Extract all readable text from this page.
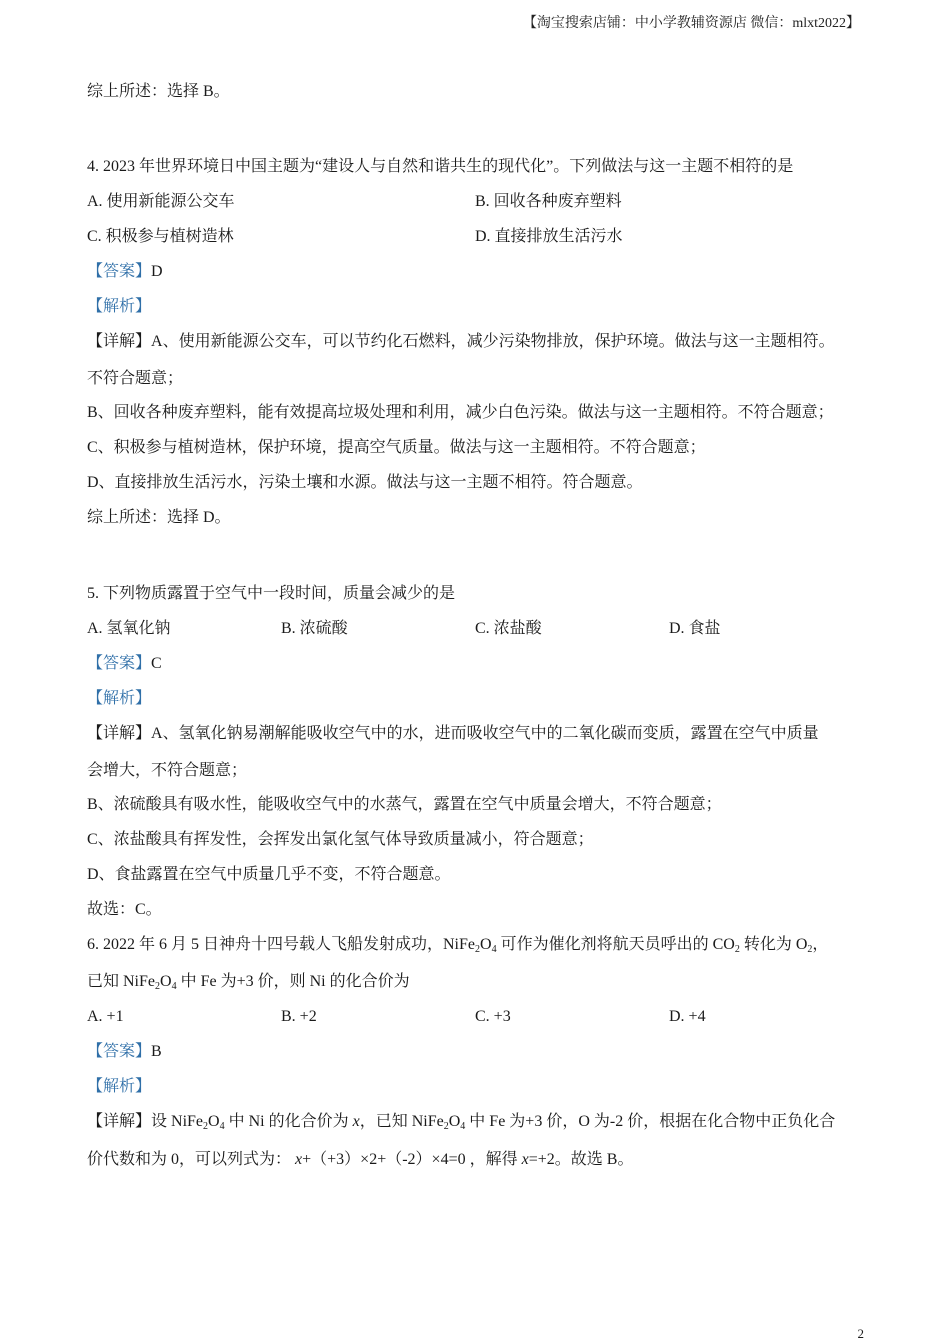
【淘宝搜索店铺：中小学教辅资源店 微信：mlxt2022】
综上所述：选择 B。
4. 2023 年世界环境日中国主题为“建设人与自然和谐共生的现代化”。下列做法与这一主题不相符的是
A. 使用新能源公交车	B. 回收各种废弃塑料
C. 积极参与植树造林	D. 直接排放生活污水
【答案】D
【解析】
【详解】A、使用新能源公交车，可以节约化石燃料，减少污染物排放，保护环境。做法与这一主题相符。
不符合题意；
B、回收各种废弃塑料，能有效提高垃圾处理和利用，减少白色污染。做法与这一主题相符。不符合题意；
C、积极参与植树造林，保护环境，提高空气质量。做法与这一主题相符。不符合题意；
D、直接排放生活污水，污染土壤和水源。做法与这一主题不相符。符合题意。
综上所述：选择 D。
5. 下列物质露置于空气中一段时间，质量会减少的是
A. 氢氧化钠	B. 浓硫酸	C. 浓盐酸	D. 食盐
【答案】C
【解析】
【详解】A、氢氧化钠易潮解能吸收空气中的水，进而吸收空气中的二氧化碳而变质，露置在空气中质量
会增大，不符合题意；
B、浓硫酸具有吸水性，能吸收空气中的水蒸气，露置在空气中质量会增大，不符合题意；
C、浓盐酸具有挥发性，会挥发出氯化氢气体导致质量减小，符合题意；
D、食盐露置在空气中质量几乎不变，不符合题意。
故选：C。
6. 2022 年 6 月 5 日神舟十四号载人飞船发射成功，$NiFe_2O_4$ 可作为催化剂将航天员呼出的 $CO_2$ 转化为 $O_2$，
已知 $NiFe_2O_4$ 中 Fe 为+3 价，则 Ni 的化合价为
A. +1	B. +2	C. +3	D. +4
【答案】B
【解析】
【详解】设 $NiFe_2O_4$ 中 Ni 的化合价为 x，已知 $NiFe_2O_4$ 中 Fe 为+3 价，O 为-2 价，根据在化合物中正负化合
价代数和为 0，可以列式为： x+（+3）×2+（-2）×4=0 ，解得 x=+2。故选 B。
2
